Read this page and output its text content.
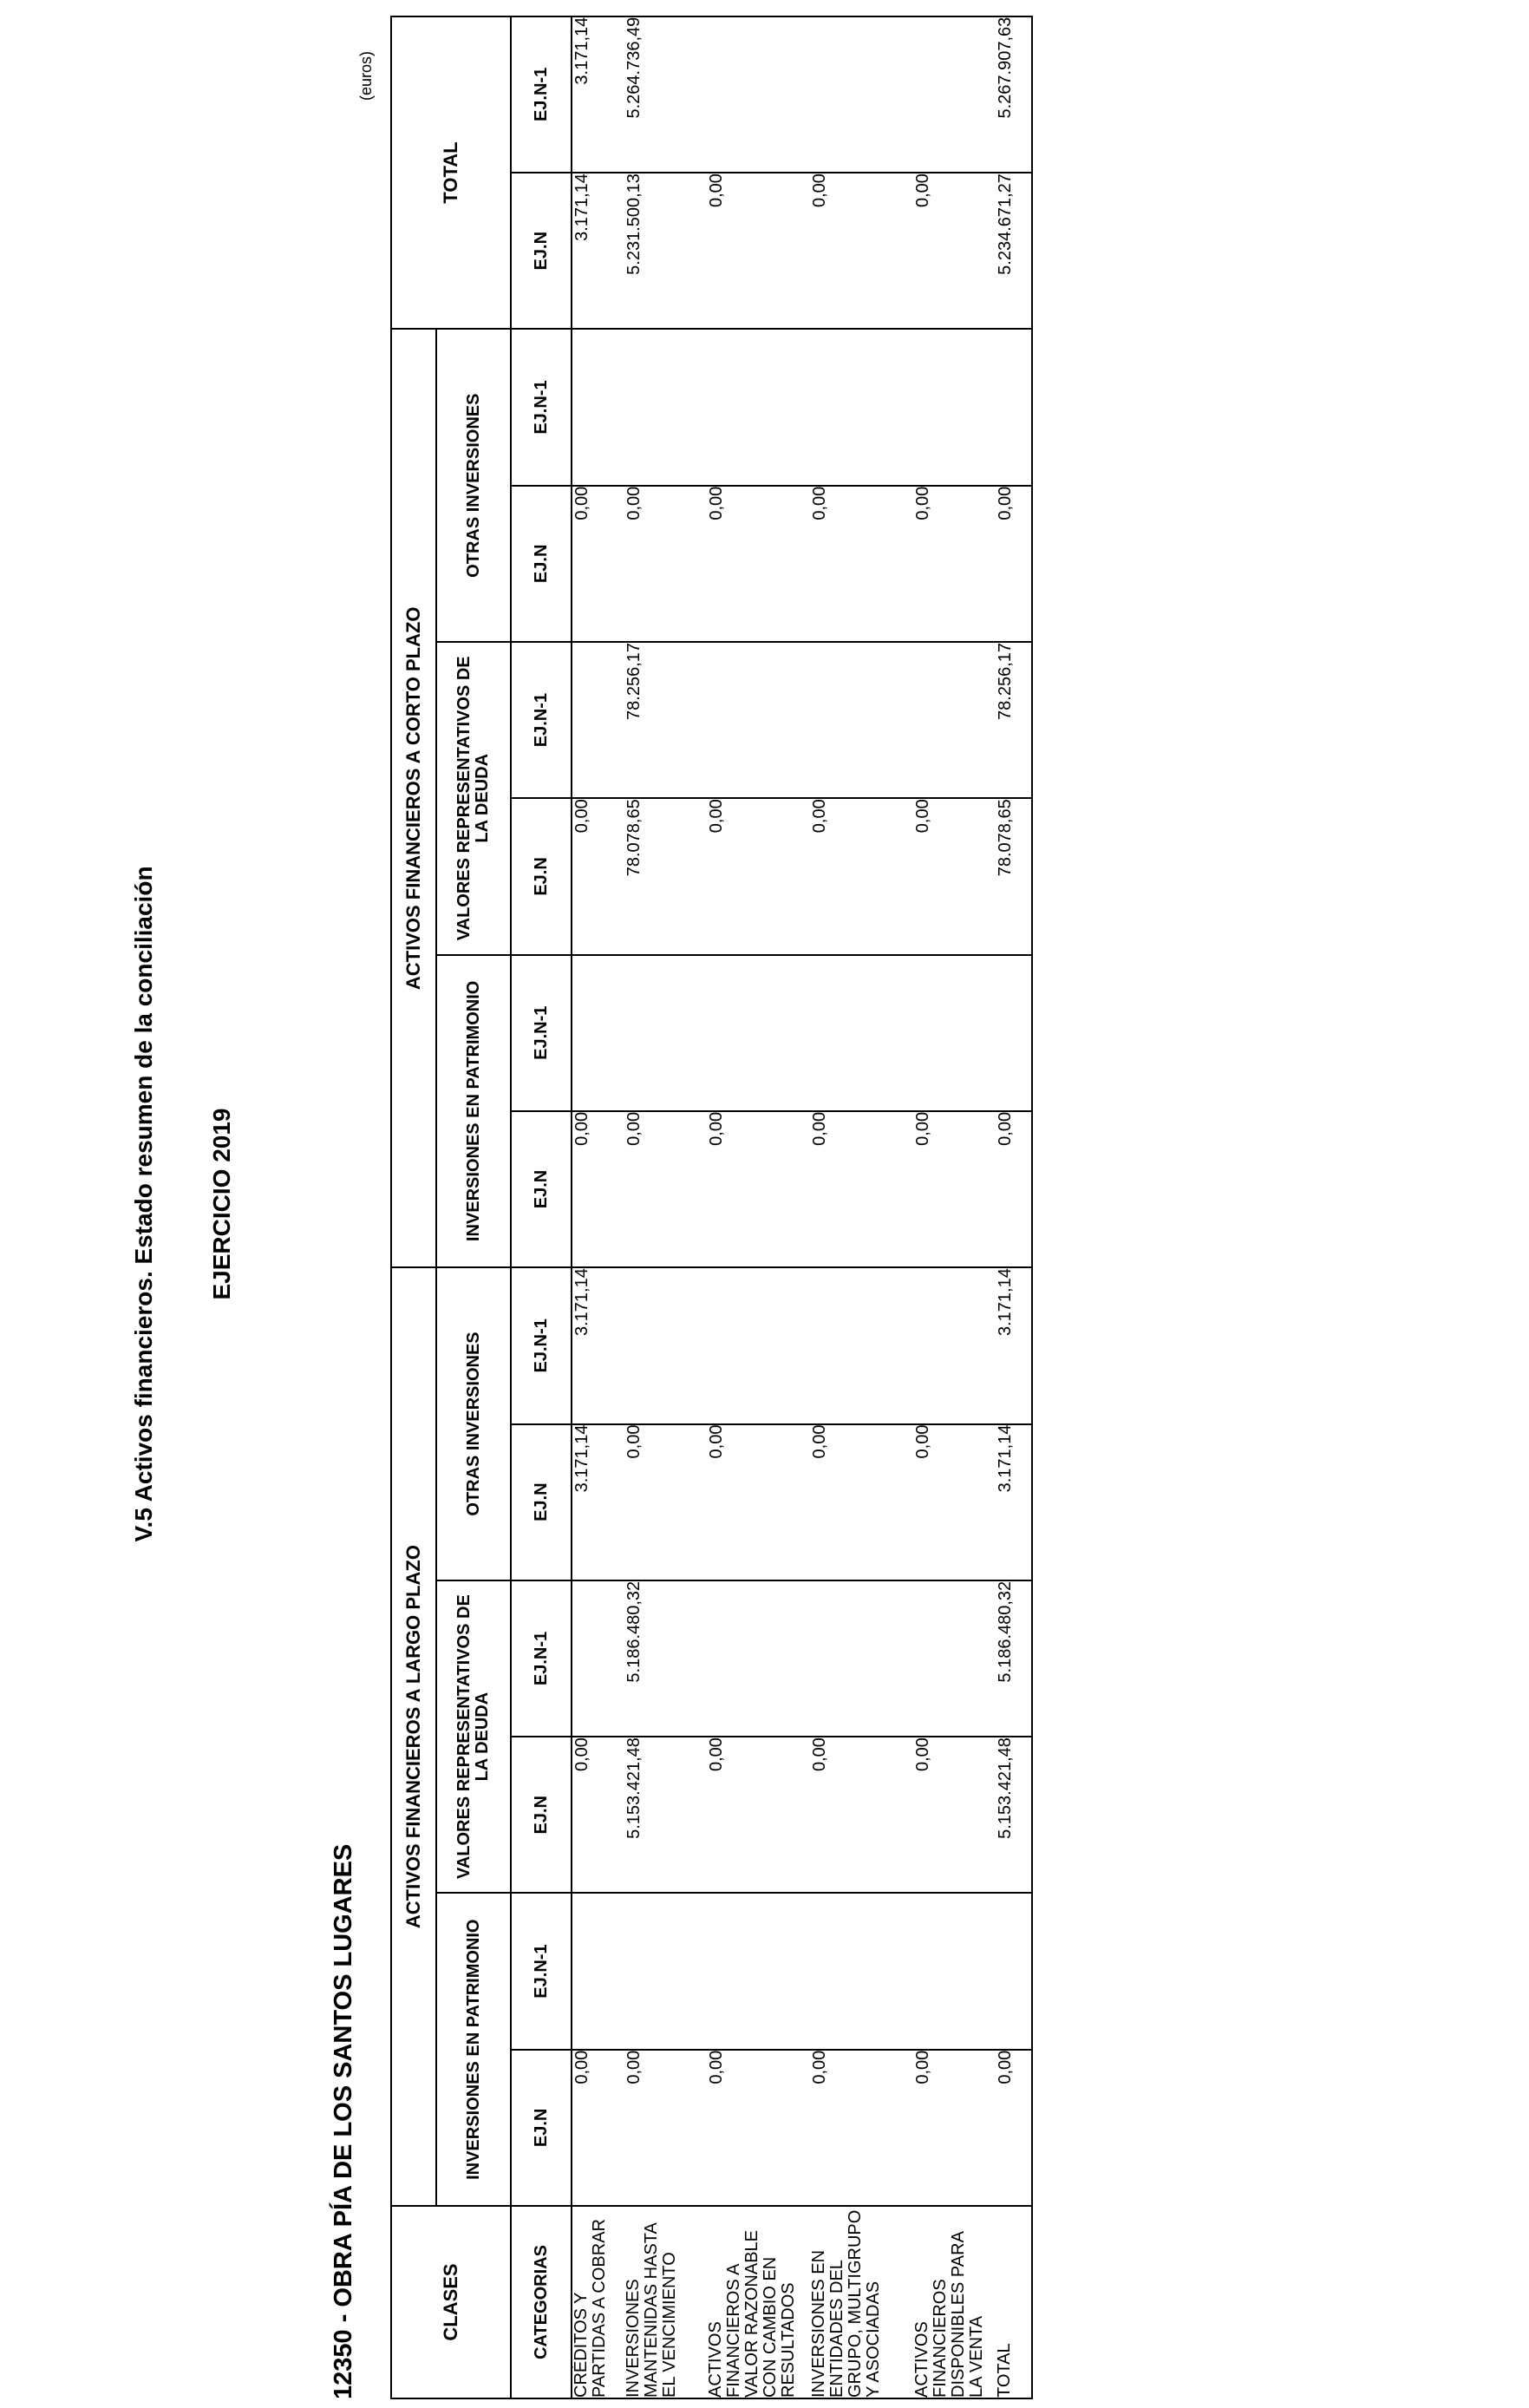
V.5 Activos financieros. Estado resumen de la conciliación EJERCICIO 2019
12350 - OBRA PÍA DE LOS SANTOS LUGARES
(euros)
CLASES	ACTIVOS FINANCIEROS A LARGO PLAZO						ACTIVOS FINANCIEROS A CORTO PLAZO						TOTAL	
	INVERSIONES EN PATRIMONIO		VALORES REPRESENTATIVOS DE LA DEUDA		OTRAS INVERSIONES		INVERSIONES EN PATRIMONIO		VALORES REPRESENTATIVOS DE LA DEUDA		OTRAS INVERSIONES			
CATEGORIAS	EJ.N	EJ.N-1	EJ.N	EJ.N-1	EJ.N	EJ.N-1	EJ.N	EJ.N-1	EJ.N	EJ.N-1	EJ.N	EJ.N-1	EJ.N	EJ.N-1
CRÉDITOS Y PARTIDAS A COBRAR	0,00		0,00		3.171,14	3.171,14	0,00		0,00		0,00		3.171,14	3.171,14
INVERSIONES MANTENIDAS HASTA EL VENCIMIENTO	0,00		5.153.421,48	5.186.480,32	0,00		0,00		78.078,65	78.256,17	0,00		5.231.500,13	5.264.736,49
ACTIVOS FINANCIEROS A VALOR RAZONABLE CON CAMBIO EN RESULTADOS	0,00		0,00		0,00		0,00		0,00		0,00		0,00	
INVERSIONES EN ENTIDADES DEL GRUPO, MULTIGRUPO Y ASOCIADAS	0,00		0,00		0,00		0,00		0,00		0,00		0,00	
ACTIVOS FINANCIEROS DISPONIBLES PARA LA VENTA	0,00		0,00		0,00		0,00		0,00		0,00		0,00	
TOTAL	0,00		5.153.421,48	5.186.480,32	3.171,14	3.171,14	0,00		78.078,65	78.256,17	0,00		5.234.671,27	5.267.907,63
